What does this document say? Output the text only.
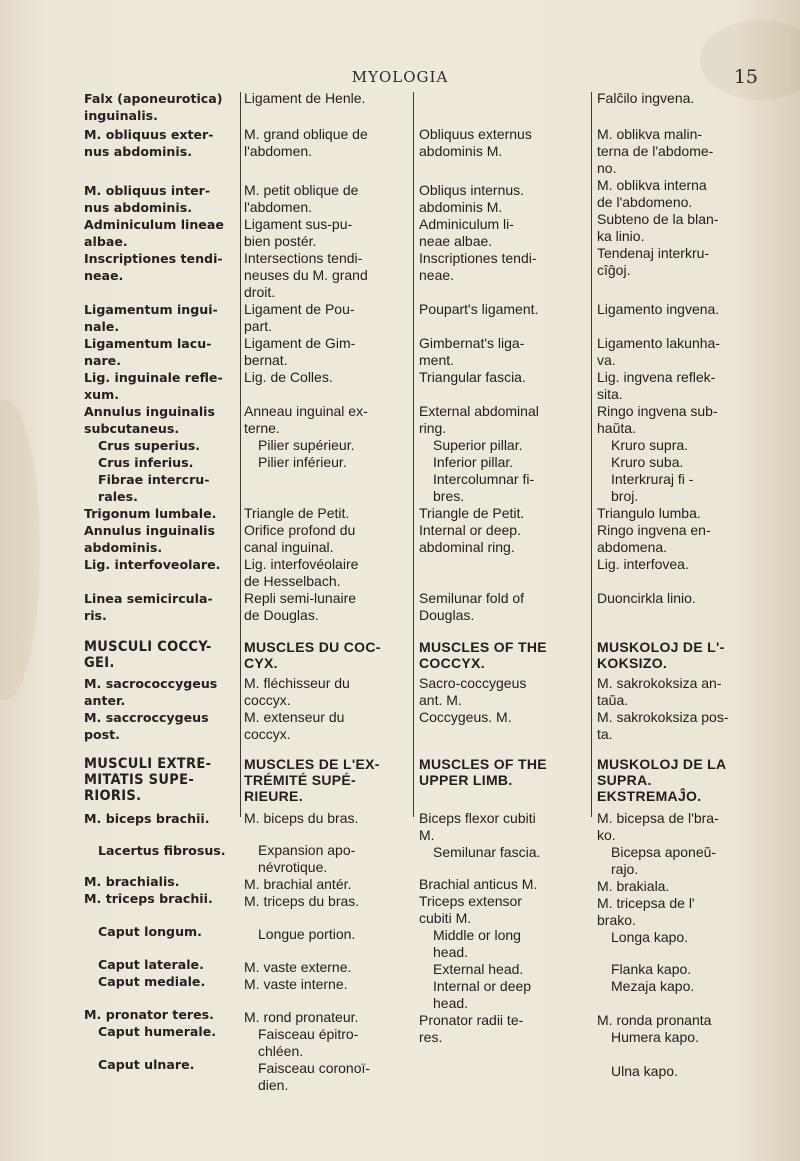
MYOLOGIA	15
Falx (aponeurotica)
inguinalis.
M. obliquus exter-
nus abdominis.
M. obliquus inter-
nus abdominis.
Adminiculum lineae
albae.
Inscriptiones tendi-
neae.
Ligamentum ingui-
nale.
Ligamentum lacu-
nare.
Lig. inguinale refle-
xum.
Annulus inguinalis
subcutaneus.
Crus superius.
Crus inferius.
Fibrae intercru-
rales.
Trigonum lumbale.
Annulus inguinalis
abdominis.
Lig. interfoveolare.
Linea semicircula-
ris.
MUSCULI COCCY-
GEI.
M. sacrococcygeus
anter.
M. saccroccygeus
post.
MUSCULI EXTRE-
MITATIS SUPE-
RIORIS.
M. biceps brachii.
Lacertus fibrosus.
M. brachialis.
M. triceps brachii.
Caput longum.
Caput laterale.
Caput mediale.
M. pronator teres.
Caput humerale.
Caput ulnare.
Ligament de Henle.
M. grand oblique de
l'abdomen.
M. petit oblique de
l'abdomen.
Ligament sus-pu-
bien postér.
Intersections tendi-
neuses du M. grand
droit.
Ligament de Pou-
part.
Ligament de Gim-
bernat.
Lig. de Colles.
Anneau inguinal ex-
terne.
Pilier supérieur.
Pilier inférieur.
Triangle de Petit.
Orifice profond du
canal inguinal.
Lig. interfovéolaire
de Hesselbach.
Repli semi-lunaire
de Douglas.
MUSCLES DU COC-
CYX.
M. fléchisseur du
coccyx.
M. extenseur du
coccyx.
MUSCLES DE L'EX-
TRÉMITÉ SUPÉ-
RIEURE.
M. biceps du bras.
Expansion apo-
névrotique.
M. brachial antér.
M. triceps du bras.
Longue portion.
M. vaste externe.
M. vaste interne.
M. rond pronateur.
Faisceau épitro-
chléen.
Faisceau coronoï-
dien.
Obliquus externus
abdominis M.
Obliqus internus.
abdominis M.
Adminiculum li-
neae albae.
Inscriptiones tendi-
neae.
Poupart's ligament.
Gimbernat's liga-
ment.
Triangular fascia.
External abdominal
ring.
Superior pillar.
Inferior pillar.
Intercolumnar fi-
bres.
Triangle de Petit.
Internal or deep.
abdominal ring.
Semilunar fold of
Douglas.
MUSCLES OF THE
COCCYX.
Sacro-coccygeus
ant. M.
Coccygeus. M.
MUSCLES OF THE
UPPER LIMB.
Biceps flexor cubiti
M.
Semilunar fascia.
Brachial anticus M.
Triceps extensor
cubiti M.
Middle or long
head.
External head.
Internal or deep
head.
Pronator radii te-
res.
Falĉilo ingvena.
M. oblikva malin-
terna de l'abdome-
no.
M. oblikva interna
de l'abdomeno.
Subteno de la blan-
ka linio.
Tendenaj interkru-
cîĝoj.
Ligamento ingvena.
Ligamento lakunha-
va.
Lig. ingvena reflek-
sita.
Ringo ingvena sub-
haŭta.
Kruro supra.
Kruro suba.
Interkruraj fi -
broj.
Triangulo lumba.
Ringo ingvena en-
abdomena.
Lig. interfovea.
Duoncirkla linio.
MUSKOLOJ DE L'-
KOKSIZO.
M. sakrokoksiza an-
taŭa.
M. sakrokoksiza pos-
ta.
MUSKOLOJ DE LA
SUPRA.
EKSTREMAĴO.
M. bicepsa de l'bra-
ko.
Bicepsa aponeŭ-
rajo.
M. brakiala.
M. tricepsa de l'
brako.
Longa kapo.
Flanka kapo.
Mezaja kapo.
M. ronda pronanta
Humera kapo.
Ulna kapo.
